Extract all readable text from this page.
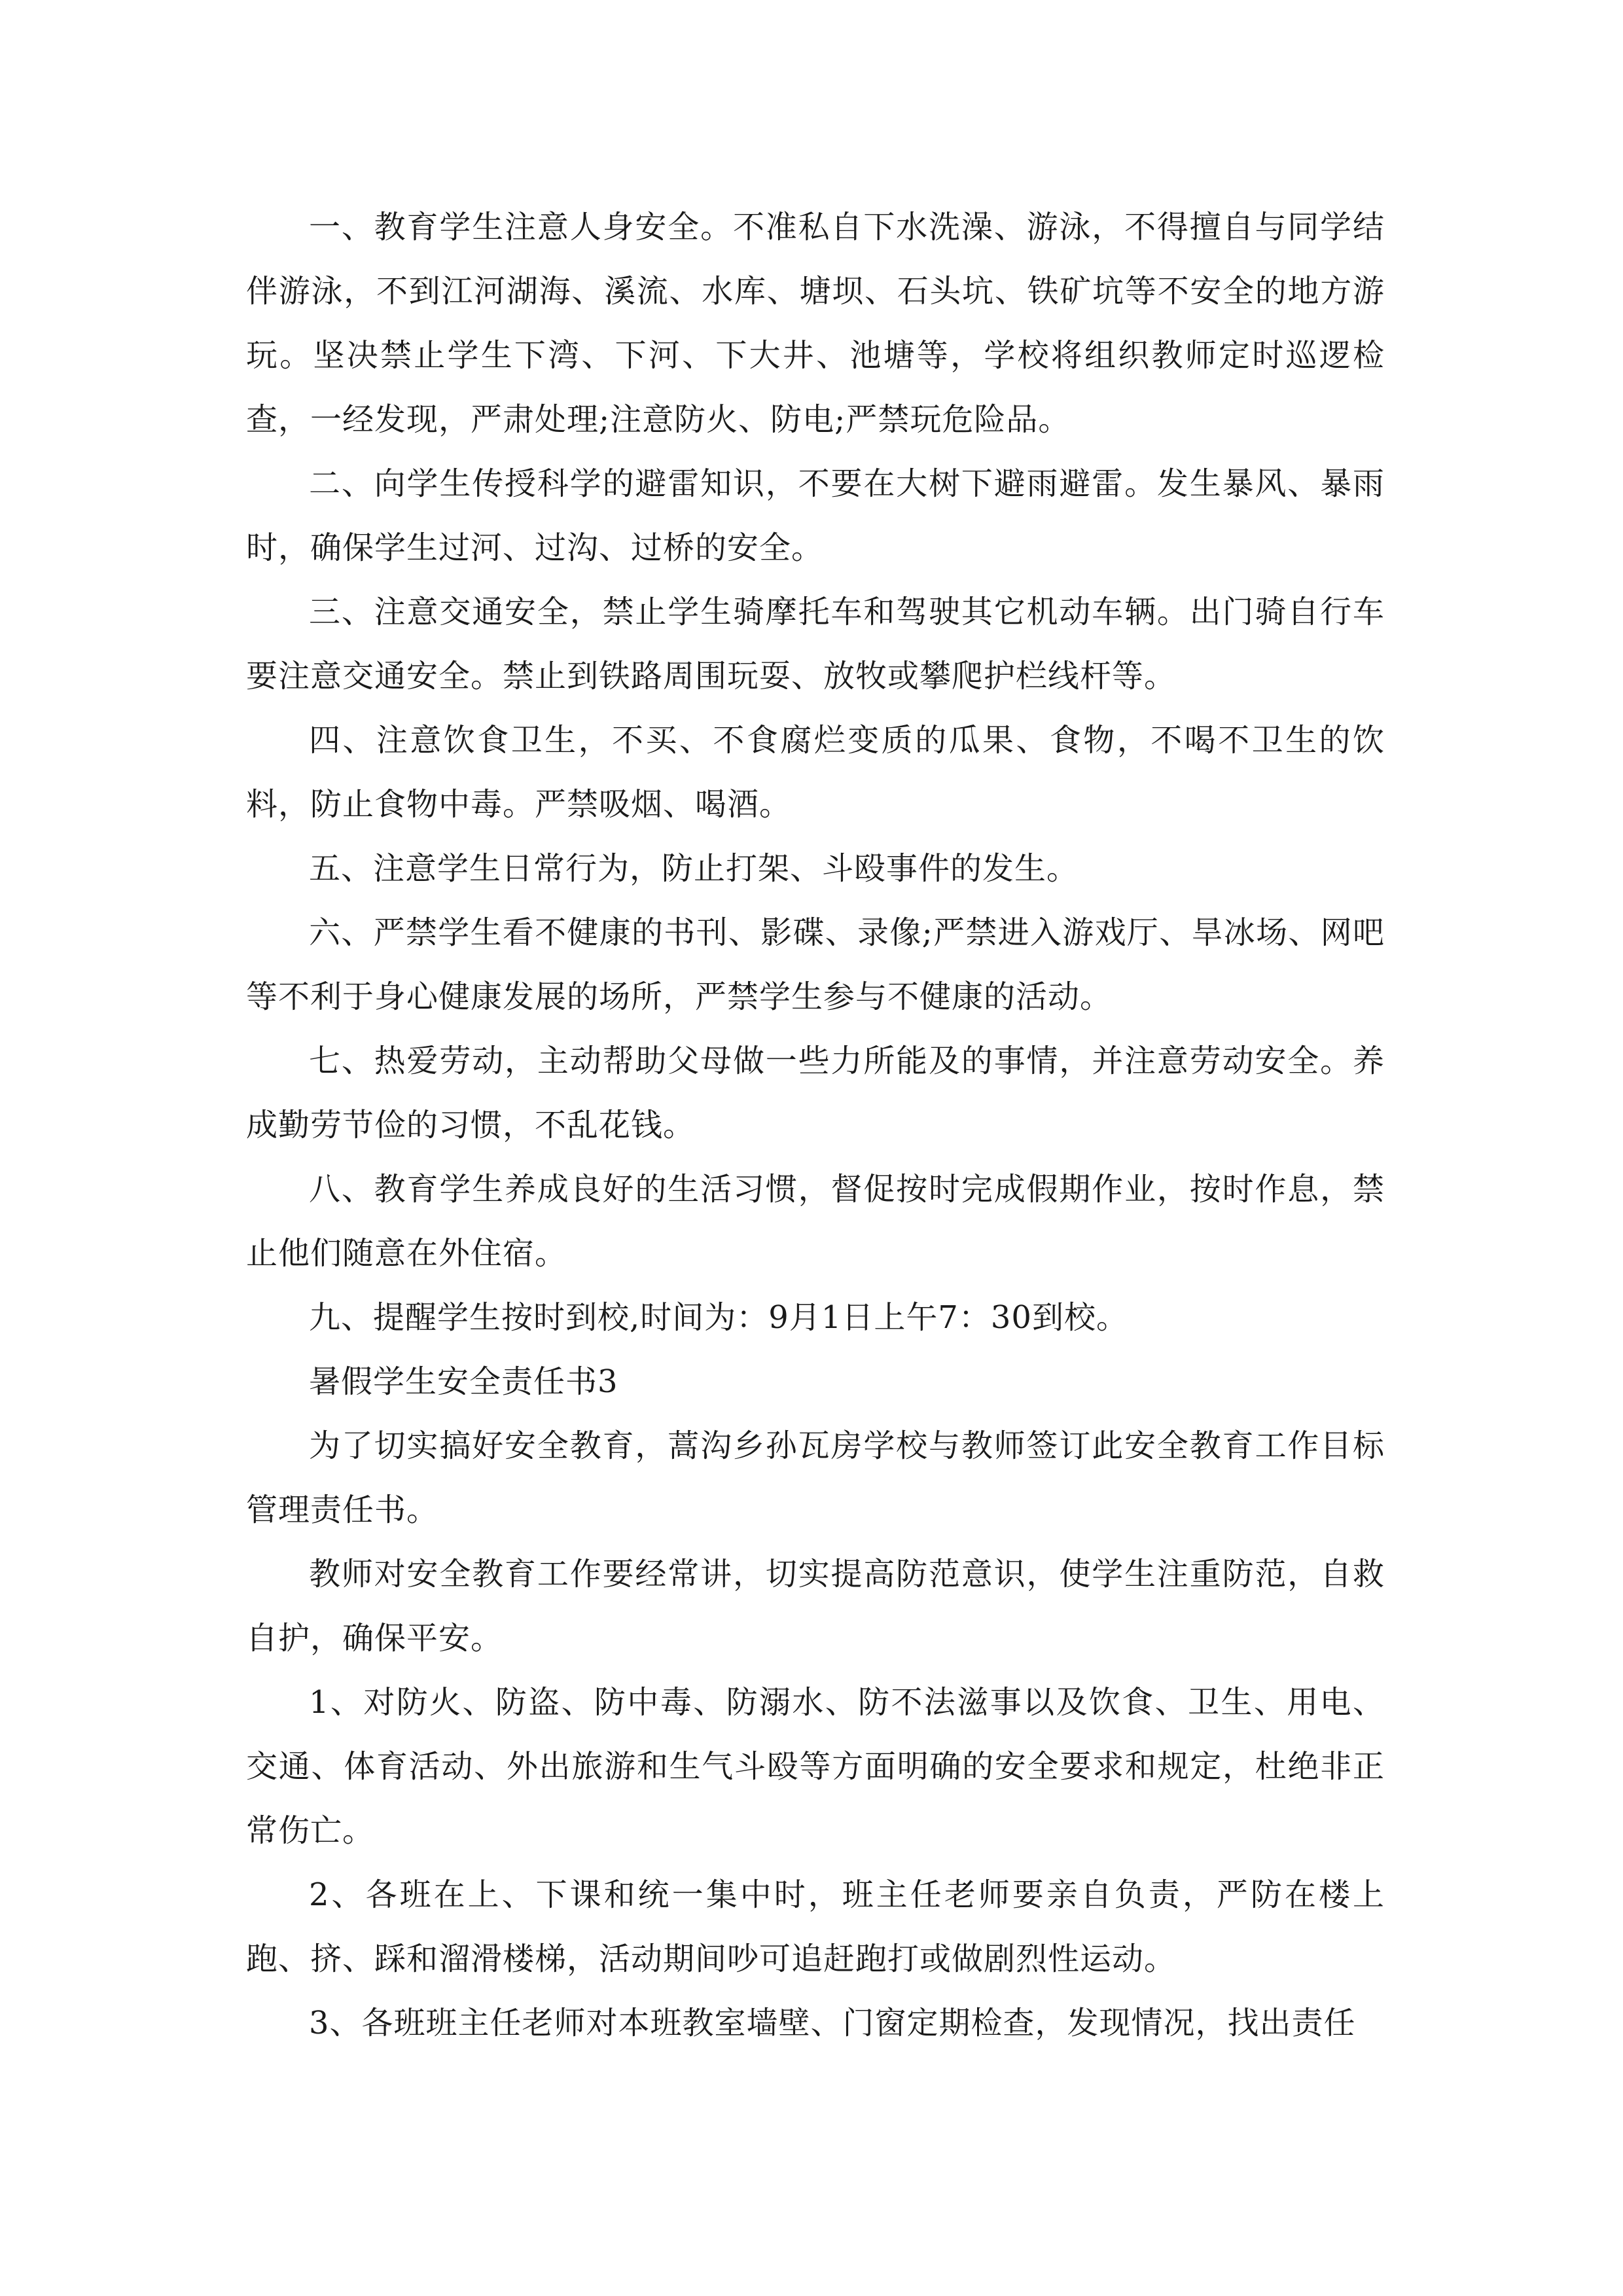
一、教育学生注意人身安全。不准私自下水洗澡、游泳，不得擅自与同学结伴游泳，不到江河湖海、溪流、水库、塘坝、石头坑、铁矿坑等不安全的地方游玩。坚决禁止学生下湾、下河、下大井、池塘等，学校将组织教师定时巡逻检查，一经发现，严肃处理;注意防火、防电;严禁玩危险品。

二、向学生传授科学的避雷知识，不要在大树下避雨避雷。发生暴风、暴雨时，确保学生过河、过沟、过桥的安全。

三、注意交通安全，禁止学生骑摩托车和驾驶其它机动车辆。出门骑自行车要注意交通安全。禁止到铁路周围玩耍、放牧或攀爬护栏线杆等。

四、注意饮食卫生，不买、不食腐烂变质的瓜果、食物，不喝不卫生的饮料，防止食物中毒。严禁吸烟、喝酒。

五、注意学生日常行为，防止打架、斗殴事件的发生。

六、严禁学生看不健康的书刊、影碟、录像;严禁进入游戏厅、旱冰场、网吧等不利于身心健康发展的场所，严禁学生参与不健康的活动。

七、热爱劳动，主动帮助父母做一些力所能及的事情，并注意劳动安全。养成勤劳节俭的习惯，不乱花钱。

八、教育学生养成良好的生活习惯，督促按时完成假期作业，按时作息，禁止他们随意在外住宿。

九、提醒学生按时到校,时间为：9月1日上午7：30到校。

暑假学生安全责任书3

为了切实搞好安全教育，蒿沟乡孙瓦房学校与教师签订此安全教育工作目标管理责任书。

教师对安全教育工作要经常讲，切实提高防范意识，使学生注重防范，自救自护，确保平安。

1、对防火、防盗、防中毒、防溺水、防不法滋事以及饮食、卫生、用电、交通、体育活动、外出旅游和生气斗殴等方面明确的安全要求和规定，杜绝非正常伤亡。

2、各班在上、下课和统一集中时，班主任老师要亲自负责，严防在楼上跑、挤、踩和溜滑楼梯，活动期间吵可追赶跑打或做剧烈性运动。

3、各班班主任老师对本班教室墙壁、门窗定期检查，发现情况，找出责任
